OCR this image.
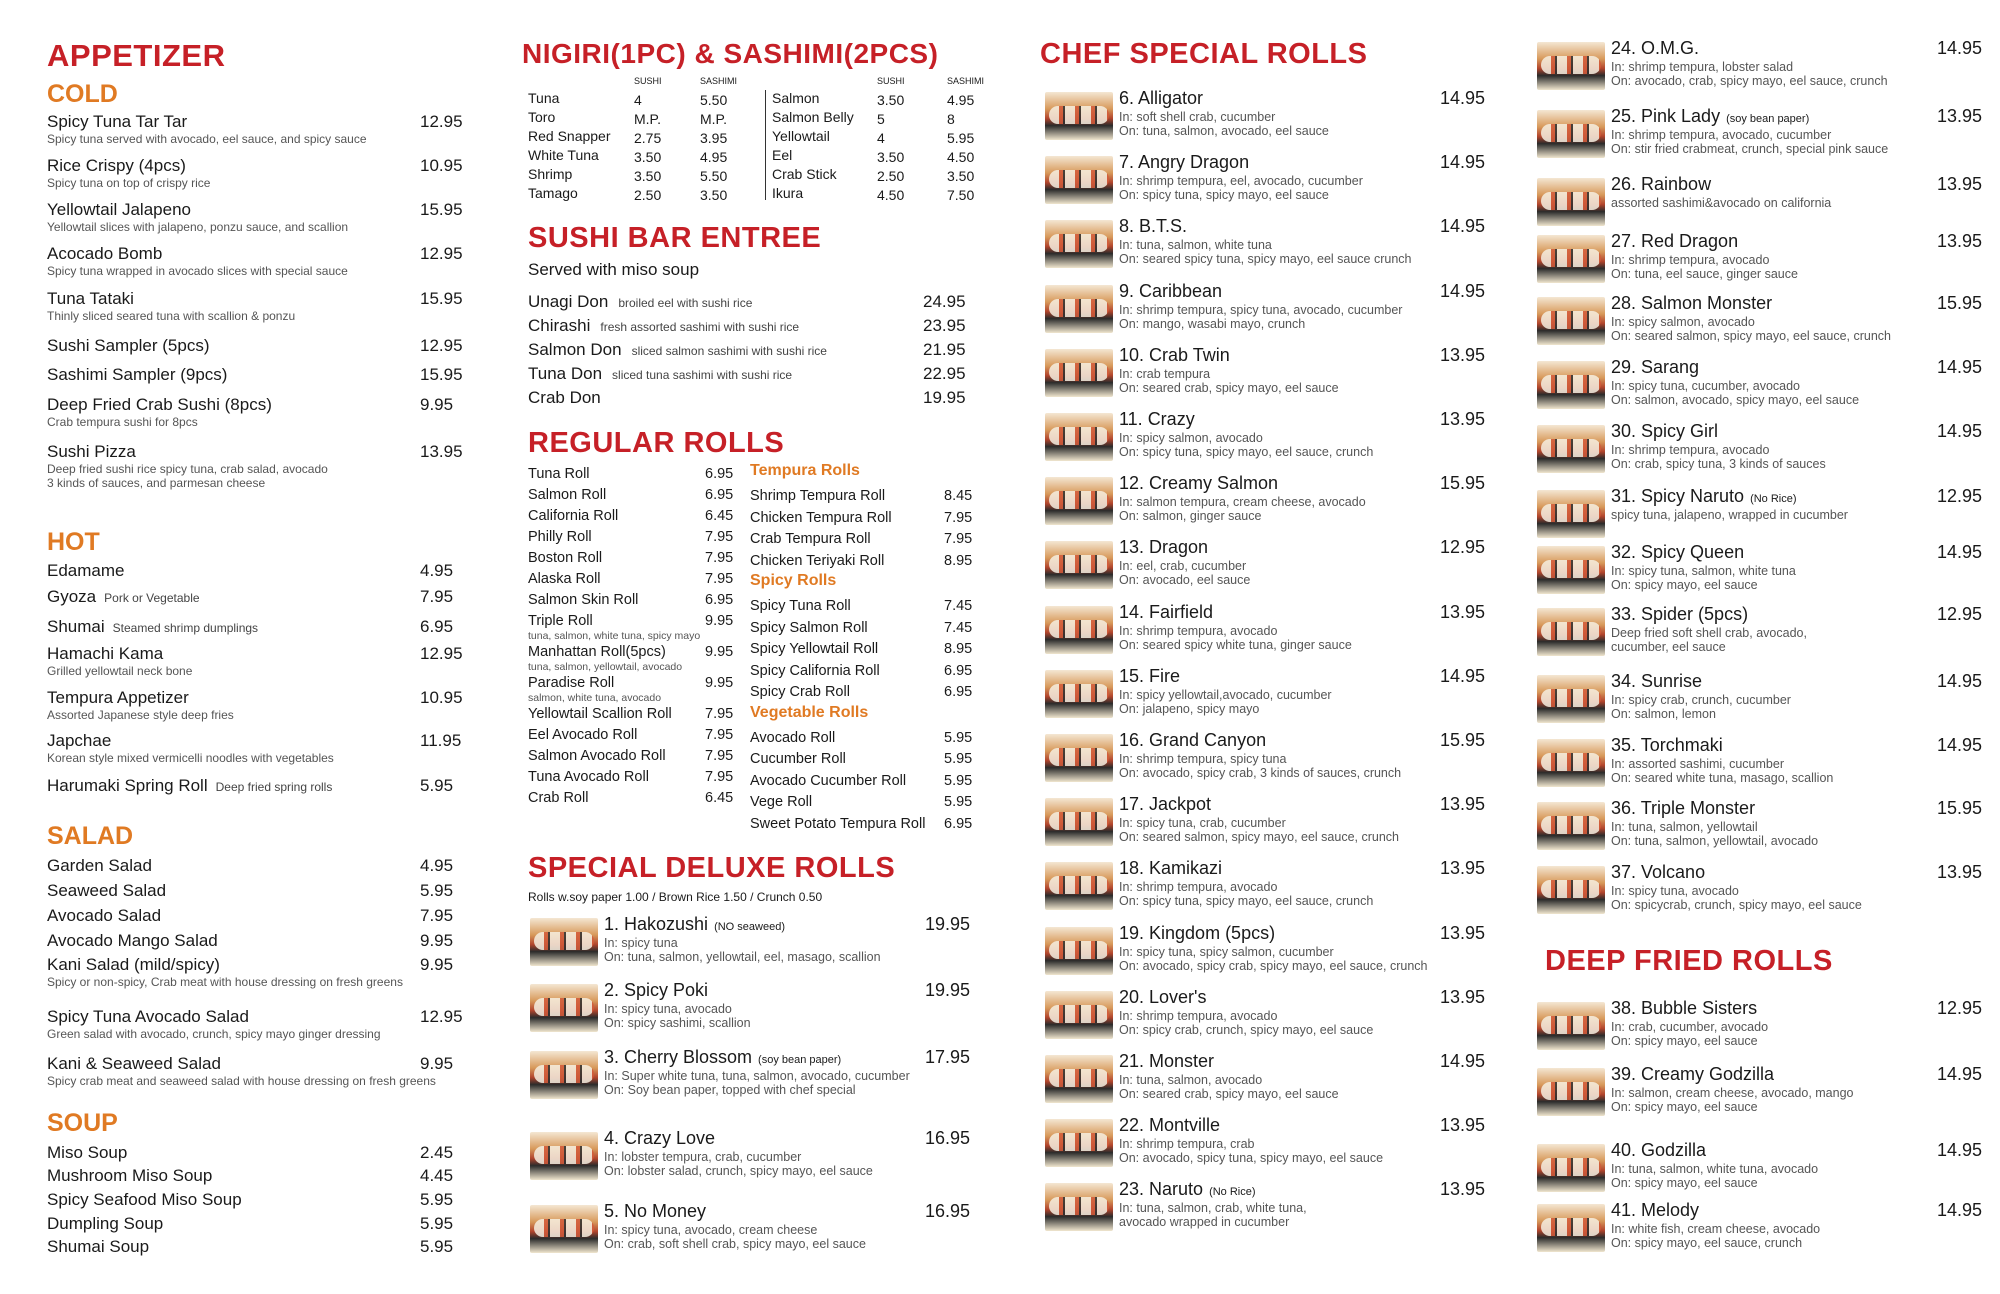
APPETIZER
COLD
Spicy Tuna Tar Tar
Spicy tuna served with avocado, eel sauce, and spicy sauce
12.95
Rice Crispy (4pcs)
Spicy tuna on top of crispy rice
10.95
Yellowtail Jalapeno
Yellowtail slices with jalapeno, ponzu sauce, and scallion
15.95
Acocado Bomb
Spicy tuna wrapped in avocado slices with special sauce
12.95
Tuna Tataki
Thinly sliced seared tuna with scallion & ponzu
15.95
Sushi Sampler (5pcs)	12.95
Sashimi Sampler (9pcs)	15.95
Deep Fried Crab Sushi (8pcs)
Crab tempura sushi for 8pcs
9.95
Sushi Pizza
Deep fried sushi rice spicy tuna, crab salad, avocado
3 kinds of sauces, and parmesan cheese
13.95
HOT
Edamame	4.95
Gyoza Pork or Vegetable	7.95
Shumai Steamed shrimp dumplings	6.95
Hamachi Kama
Grilled yellowtail neck bone
12.95
Tempura Appetizer
Assorted Japanese style deep fries
10.95
Japchae
Korean style mixed vermicelli noodles with vegetables
11.95
Harumaki Spring Roll Deep fried spring rolls	5.95
SALAD
Garden Salad	4.95
Seaweed Salad	5.95
Avocado Salad	7.95
Avocado Mango Salad	9.95
Kani Salad (mild/spicy)
Spicy or non-spicy, Crab meat with house dressing on fresh greens
9.95
Spicy Tuna Avocado Salad
Green salad with avocado, crunch, spicy mayo ginger dressing
12.95
Kani & Seaweed Salad
Spicy crab meat and seaweed salad with house dressing on fresh greens
9.95
SOUP
Miso Soup	2.45
Mushroom Miso Soup	4.45
Spicy Seafood Miso Soup	5.95
Dumpling Soup	5.95
Shumai Soup	5.95
NIGIRI(1PC) & SASHIMI(2PCS)
SUSHI	SASHIMI	SUSHI	SASHIMI
Tuna	4	5.50
Toro	M.P.	M.P.
Red Snapper 2.75	3.95
White Tuna	3.50	4.95
Shrimp	3.50	5.50
Tamago	2.50	3.50
Salmon	3.50	4.95
Salmon Belly 5	8
Yellowtail	4	5.95
Eel	3.50	4.50
Crab Stick	2.50	3.50
Ikura	4.50	7.50
SUSHI BAR ENTREE
Served with miso soup
Unagi Don broiled eel with sushi rice	24.95
Chirashi fresh assorted sashimi with sushi rice	23.95
Salmon Don sliced salmon sashimi with sushi rice	21.95
Tuna Don sliced tuna sashimi with sushi rice	22.95
Crab Don	19.95
REGULAR ROLLS
Tuna Roll	6.95
Salmon Roll	6.95
California Roll	6.45
Philly Roll	7.95
Boston Roll	7.95
Alaska Roll	7.95
Salmon Skin Roll	6.95
Triple Roll	9.95
tuna, salmon, white tuna, spicy mayo
Manhattan Roll(5pcs)	9.95
tuna, salmon, yellowtail, avocado
Paradise Roll	9.95
salmon, white tuna, avocado
Yellowtail Scallion Roll 7.95
Eel Avocado Roll	7.95
Salmon Avocado Roll	7.95
Tuna Avocado Roll	7.95
Crab Roll	6.45
Tempura Rolls
Shrimp Tempura Roll	8.45
Chicken Tempura Roll	7.95
Crab Tempura Roll	7.95
Chicken Teriyaki Roll	8.95
Spicy Rolls
Spicy Tuna Roll	7.45
Spicy Salmon Roll	7.45
Spicy Yellowtail Roll	8.95
Spicy California Roll	6.95
Spicy Crab Roll	6.95
Vegetable Rolls
Avocado Roll	5.95
Cucumber Roll	5.95
Avocado Cucumber Roll	5.95
Vege Roll	5.95
Sweet Potato Tempura Roll 6.95
SPECIAL DELUXE ROLLS
Rolls w.soy paper 1.00 / Brown Rice 1.50 / Crunch 0.50
1. Hakozushi (NO seaweed)
In: spicy tuna
On: tuna, salmon, yellowtail, eel, masago, scallion
19.95
2. Spicy Poki
In: spicy tuna, avocado
On: spicy sashimi, scallion
19.95
3. Cherry Blossom (soy bean paper)
In: Super white tuna, tuna, salmon, avocado, cucumber
On: Soy bean paper, topped with chef special
17.95
4. Crazy Love
In: lobster tempura, crab, cucumber
On: lobster salad, crunch, spicy mayo, eel sauce
16.95
5. No Money
In: spicy tuna, avocado, cream cheese
On: crab, soft shell crab, spicy mayo, eel sauce
16.95
CHEF SPECIAL ROLLS
6. Alligator
In: soft shell crab, cucumber
On: tuna, salmon, avocado, eel sauce
14.95
7. Angry Dragon
In: shrimp tempura, eel, avocado, cucumber
On: spicy tuna, spicy mayo, eel sauce
14.95
8. B.T.S.
In: tuna, salmon, white tuna
On: seared spicy tuna, spicy mayo, eel sauce crunch
14.95
9. Caribbean
In: shrimp tempura, spicy tuna, avocado, cucumber
On: mango, wasabi mayo, crunch
14.95
10. Crab Twin
In: crab tempura
On: seared crab, spicy mayo, eel sauce
13.95
11. Crazy
In: spicy salmon, avocado
On: spicy tuna, spicy mayo, eel sauce, crunch
13.95
12. Creamy Salmon
In: salmon tempura, cream cheese, avocado
On: salmon, ginger sauce
15.95
13. Dragon
In: eel, crab, cucumber
On: avocado, eel sauce
12.95
14. Fairfield
In: shrimp tempura, avocado
On: seared spicy white tuna, ginger sauce
13.95
15. Fire
In: spicy yellowtail,avocado, cucumber
On: jalapeno, spicy mayo
14.95
16. Grand Canyon
In: shrimp tempura, spicy tuna
On: avocado, spicy crab, 3 kinds of sauces, crunch
15.95
17. Jackpot
In: spicy tuna, crab, cucumber
On: seared salmon, spicy mayo, eel sauce, crunch
13.95
18. Kamikazi
In: shrimp tempura, avocado
On: spicy tuna, spicy mayo, eel sauce, crunch
13.95
19. Kingdom (5pcs)
In: spicy tuna, spicy salmon, cucumber
On: avocado, spicy crab, spicy mayo, eel sauce, crunch
13.95
20. Lover's
In: shrimp tempura, avocado
On: spicy crab, crunch, spicy mayo, eel sauce
13.95
21. Monster
In: tuna, salmon, avocado
On: seared crab, spicy mayo, eel sauce
14.95
22. Montville
In: shrimp tempura, crab
On: avocado, spicy tuna, spicy mayo, eel sauce
13.95
23. Naruto (No Rice)
In: tuna, salmon, crab, white tuna,
avocado wrapped in cucumber
13.95
24. O.M.G.
In: shrimp tempura, lobster salad
On: avocado, crab, spicy mayo, eel sauce, crunch
14.95
25. Pink Lady (soy bean paper)
In: shrimp tempura, avocado, cucumber
On: stir fried crabmeat, crunch, special pink sauce
13.95
26. Rainbow
assorted sashimi&avocado on california
13.95
27. Red Dragon
In: shrimp tempura, avocado
On: tuna, eel sauce, ginger sauce
13.95
28. Salmon Monster
In: spicy salmon, avocado
On: seared salmon, spicy mayo, eel sauce, crunch
15.95
29. Sarang
In: spicy tuna, cucumber, avocado
On: salmon, avocado, spicy mayo, eel sauce
14.95
30. Spicy Girl
In: shrimp tempura, avocado
On: crab, spicy tuna, 3 kinds of sauces
14.95
31. Spicy Naruto (No Rice)
spicy tuna, jalapeno, wrapped in cucumber
12.95
32. Spicy Queen
In: spicy tuna, salmon, white tuna
On: spicy mayo, eel sauce
14.95
33. Spider (5pcs)
Deep fried soft shell crab, avocado,
cucumber, eel sauce
12.95
34. Sunrise
In: spicy crab, crunch, cucumber
On: salmon, lemon
14.95
35. Torchmaki
In: assorted sashimi, cucumber
On: seared white tuna, masago, scallion
14.95
36. Triple Monster
In: tuna, salmon, yellowtail
On: tuna, salmon, yellowtail, avocado
15.95
37. Volcano
In: spicy tuna, avocado
On: spicycrab, crunch, spicy mayo, eel sauce
13.95
DEEP FRIED ROLLS
38. Bubble Sisters
In: crab, cucumber, avocado
On: spicy mayo, eel sauce
12.95
39. Creamy Godzilla
In: salmon, cream cheese, avocado, mango
On: spicy mayo, eel sauce
14.95
40. Godzilla
In: tuna, salmon, white tuna, avocado
On: spicy mayo, eel sauce
14.95
41. Melody
In: white fish, cream cheese, avocado
On: spicy mayo, eel sauce, crunch
14.95
